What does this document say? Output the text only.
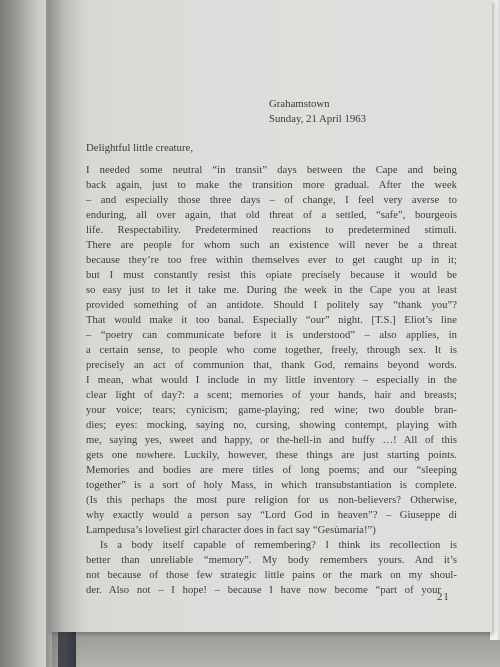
Grahamstown
Sunday, 21 April 1963
Delightful little creature,
I needed some neutral “in transit” days between the Cape and being
back again, just to make the transition more gradual. After the week
– and especially those three days – of change, I feel very averse to
enduring, all over again, that old threat of a settled, “safe”, bourgeois
life. Respectability. Predetermined reactions to predetermined stimuli.
There are people for whom such an existence will never be a threat
because they’re too free within themselves ever to get caught up in it;
but I must constantly resist this opiate precisely because it would be
so easy just to let it take me. During the week in the Cape you at least
provided something of an antidote. Should I politely say “thank you”?
That would make it too banal. Especially “our” night. [T.S.] Eliot’s line
– “poetry can communicate before it is understood” – also applies, in
a certain sense, to people who come together, freely, through sex. It is
precisely an act of communion that, thank God, remains beyond words.
I mean, what would I include in my little inventory – especially in the
clear light of day?: a scent; memories of your hands, hair and breasts;
your voice; tears; cynicism; game-playing; red wine; two double bran-
dies; eyes: mocking, saying no, cursing, showing contempt, playing with
me, saying yes, sweet and happy, or the-hell-in and huffy …! All of this
gets one nowhere. Luckily, however, these things are just starting points.
Memories and bodies are mere titles of long poems; and our “sleeping
together” is a sort of holy Mass, in which transubstantiation is complete.
(Is this perhaps the most pure religion for us non-believers? Otherwise,
why exactly would a person say “Lord God in heaven”? – Giuseppe di
Lampedusa’s loveliest girl character does in fact say “Gesùmaria!”)
Is a body itself capable of remembering? I think its recollection is
better than unreliable “memory”. My body remembers yours. And it’s
not because of those few strategic little pains or the mark on my shoul-
der. Also not – I hope! – because I have now become “part of your
21
